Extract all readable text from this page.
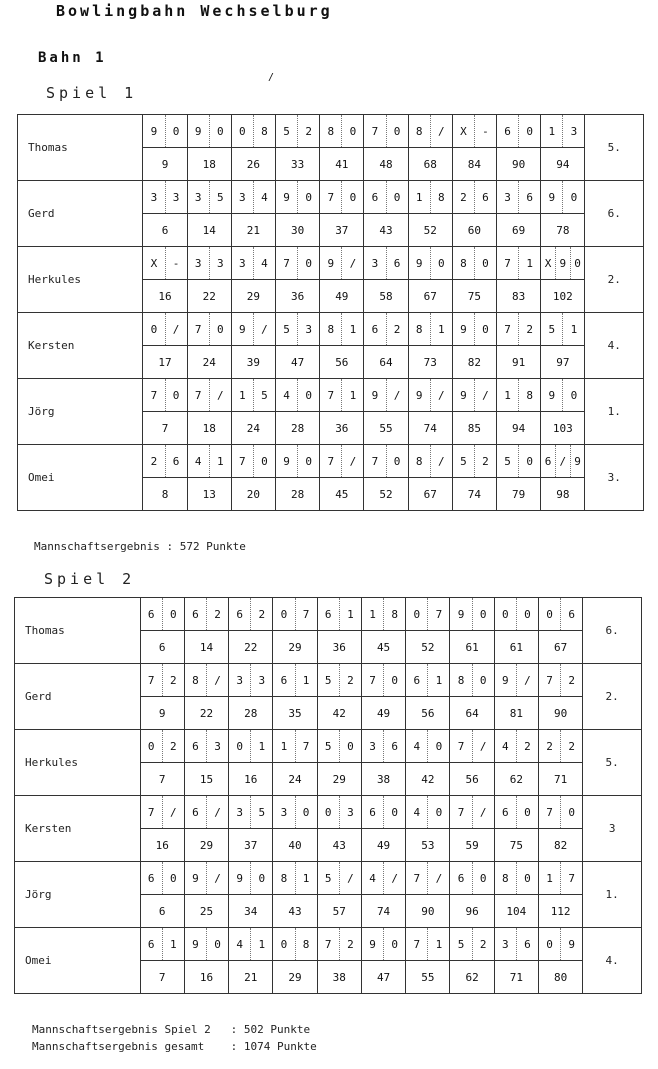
Bowlingbahn Wechselburg
Bahn 1
/
Spiel 1
Thomas	9 0	9 0	0 8	5 2	8 0	7 0	8 /	X -	6 0	1 3	5.
	9	18	26	33	41	48	68	84	90	94	
Gerd	3 3	3 5	3 4	9 0	7 0	6 0	1 8	2 6	3 6	9 0	6.
	6	14	21	30	37	43	52	60	69	78	
Herkules	X -	3 3	3 4	7 0	9 /	3 6	9 0	8 0	7 1	X 9 0	2.
	16	22	29	36	49	58	67	75	83	102	
Kersten	0 /	7 0	9 /	5 3	8 1	6 2	8 1	9 0	7 2	5 1	4.
	17	24	39	47	56	64	73	82	91	97	
Jörg	7 0	7 /	1 5	4 0	7 1	9 /	9 /	9 /	1 8	9 0	1.
	7	18	24	28	36	55	74	85	94	103	
Omei	2 6	4 1	7 0	9 0	7 /	7 0	8 /	5 2	5 0	6 / 9	3.
	8	13	20	28	45	52	67	74	79	98	
Mannschaftsergebnis : 572 Punkte
Spiel 2
Thomas	6 0	6 2	6 2	0 7	6 1	1 8	0 7	9 0	0 0	0 6	6.
	6	14	22	29	36	45	52	61	61	67	
Gerd	7 2	8 /	3 3	6 1	5 2	7 0	6 1	8 0	9 /	7 2	2.
	9	22	28	35	42	49	56	64	81	90	
Herkules	0 2	6 3	0 1	1 7	5 0	3 6	4 0	7 /	4 2	2 2	5.
	7	15	16	24	29	38	42	56	62	71	
Kersten	7 /	6 /	3 5	3 0	0 3	6 0	4 0	7 /	6 0	7 0	3
	16	29	37	40	43	49	53	59	75	82	
Jörg	6 0	9 /	9 0	8 1	5 /	4 /	7 /	6 0	8 0	1 7	1.
	6	25	34	43	57	74	90	96	104	112	
Omei	6 1	9 0	4 1	0 8	7 2	9 0	7 1	5 2	3 6	0 9	4.
	7	16	21	29	38	47	55	62	71	80	
Mannschaftsergebnis Spiel 2   : 502 Punkte
Mannschaftsergebnis gesamt    : 1074 Punkte
